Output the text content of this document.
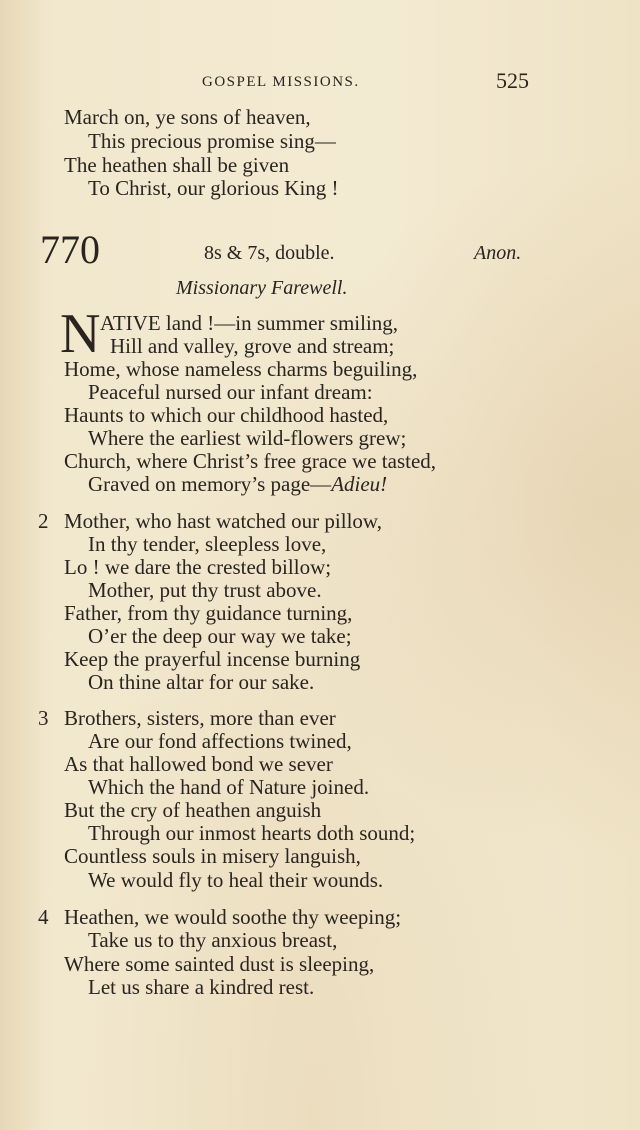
GOSPEL MISSIONS.	525
March on, ye sons of heaven,
This precious promise sing—
The heathen shall be given
To Christ, our glorious King !
770	8s & 7s, double.	Anon.
Missionary Farewell.
N ATIVE land !—in summer smiling,
Hill and valley, grove and stream;
Home, whose nameless charms beguiling,
Peaceful nursed our infant dream:
Haunts to which our childhood hasted,
Where the earliest wild-flowers grew;
Church, where Christ’s free grace we tasted,
Graved on memory’s page—Adieu!
2 Mother, who hast watched our pillow,
In thy tender, sleepless love,
Lo ! we dare the crested billow;
Mother, put thy trust above.
Father, from thy guidance turning,
O’er the deep our way we take;
Keep the prayerful incense burning
On thine altar for our sake.
3 Brothers, sisters, more than ever
Are our fond affections twined,
As that hallowed bond we sever
Which the hand of Nature joined.
But the cry of heathen anguish
Through our inmost hearts doth sound;
Countless souls in misery languish,
We would fly to heal their wounds.
4 Heathen, we would soothe thy weeping;
Take us to thy anxious breast,
Where some sainted dust is sleeping,
Let us share a kindred rest.
